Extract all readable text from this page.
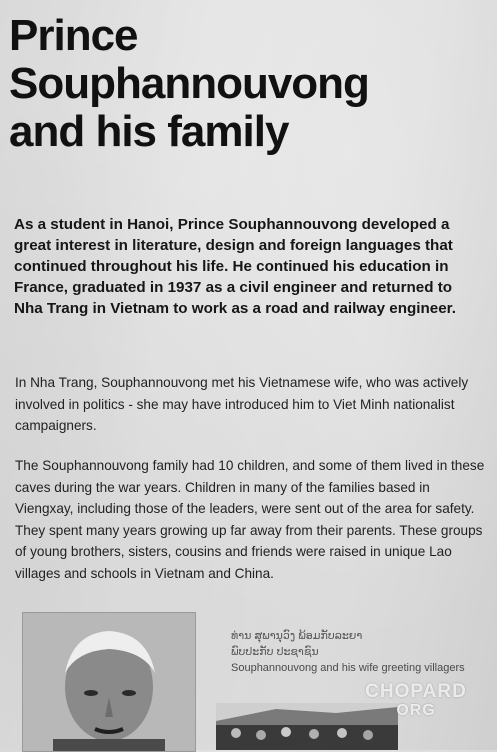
Prince
Souphannouvong
and his family
As a student in Hanoi, Prince Souphannouvong developed a great interest in literature, design and foreign languages that continued throughout his life. He continued his education in France, graduated in 1937 as a civil engineer and returned to Nha Trang in Vietnam to work as a road and railway engineer.
In Nha Trang, Souphannouvong met his Vietnamese wife, who was actively involved in politics - she may have introduced him to Viet Minh nationalist campaigners.
The Souphannouvong family had 10 children, and some of them lived in these caves during the war years. Children in many of the families based in Viengxay, including those of the leaders, were sent out of the area for safety. They spent many years growing up far away from their parents. These groups of young brothers, sisters, cousins and friends were raised in unique Lao villages and schools in Vietnam and China.
ທ່ານ ສຸພານຸວົງ ພ້ອມກັບລະຍາ
ພົບປະກັບ ປະຊາຊົນ
Souphannouvong and his wife greeting villagers
CHOPARD
ORG
